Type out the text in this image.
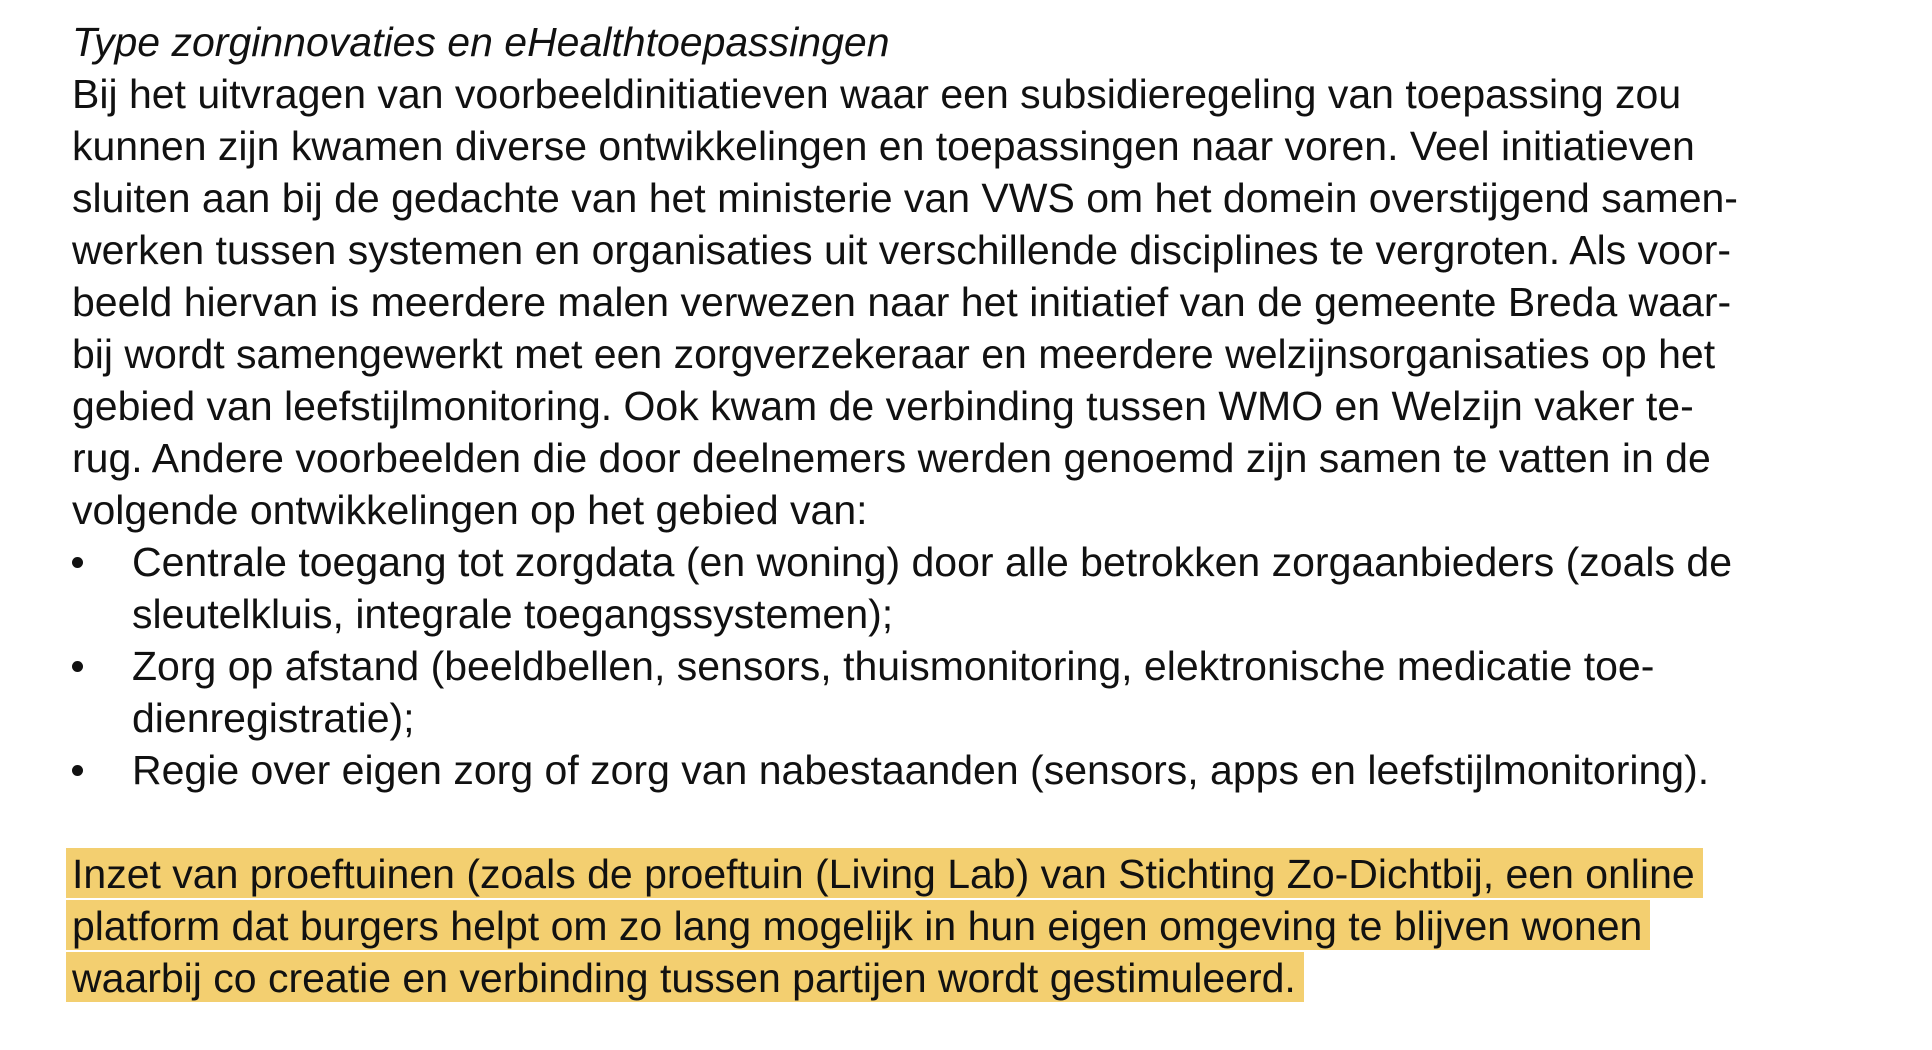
Type zorginnovaties en eHealthtoepassingen
Bij het uitvragen van voorbeeldinitiatieven waar een subsidieregeling van toepassing zou
kunnen zijn kwamen diverse ontwikkelingen en toepassingen naar voren. Veel initiatieven
sluiten aan bij de gedachte van het ministerie van VWS om het domein overstijgend samen-
werken tussen systemen en organisaties uit verschillende disciplines te vergroten. Als voor-
beeld hiervan is meerdere malen verwezen naar het initiatief van de gemeente Breda waar-
bij wordt samengewerkt met een zorgverzekeraar en meerdere welzijnsorganisaties op het
gebied van leefstijlmonitoring. Ook kwam de verbinding tussen WMO en Welzijn vaker te-
rug. Andere voorbeelden die door deelnemers werden genoemd zijn samen te vatten in de
volgende ontwikkelingen op het gebied van:
Centrale toegang tot zorgdata (en woning) door alle betrokken zorgaanbieders (zoals de
sleutelkluis, integrale toegangssystemen);
Zorg op afstand (beeldbellen, sensors, thuismonitoring, elektronische medicatie toe-
dienregistratie);
Regie over eigen zorg of zorg van nabestaanden (sensors, apps en leefstijlmonitoring).
Inzet van proeftuinen (zoals de proeftuin (Living Lab) van Stichting Zo-Dichtbij, een online
platform dat burgers helpt om zo lang mogelijk in hun eigen omgeving te blijven wonen
waarbij co creatie en verbinding tussen partijen wordt gestimuleerd.
